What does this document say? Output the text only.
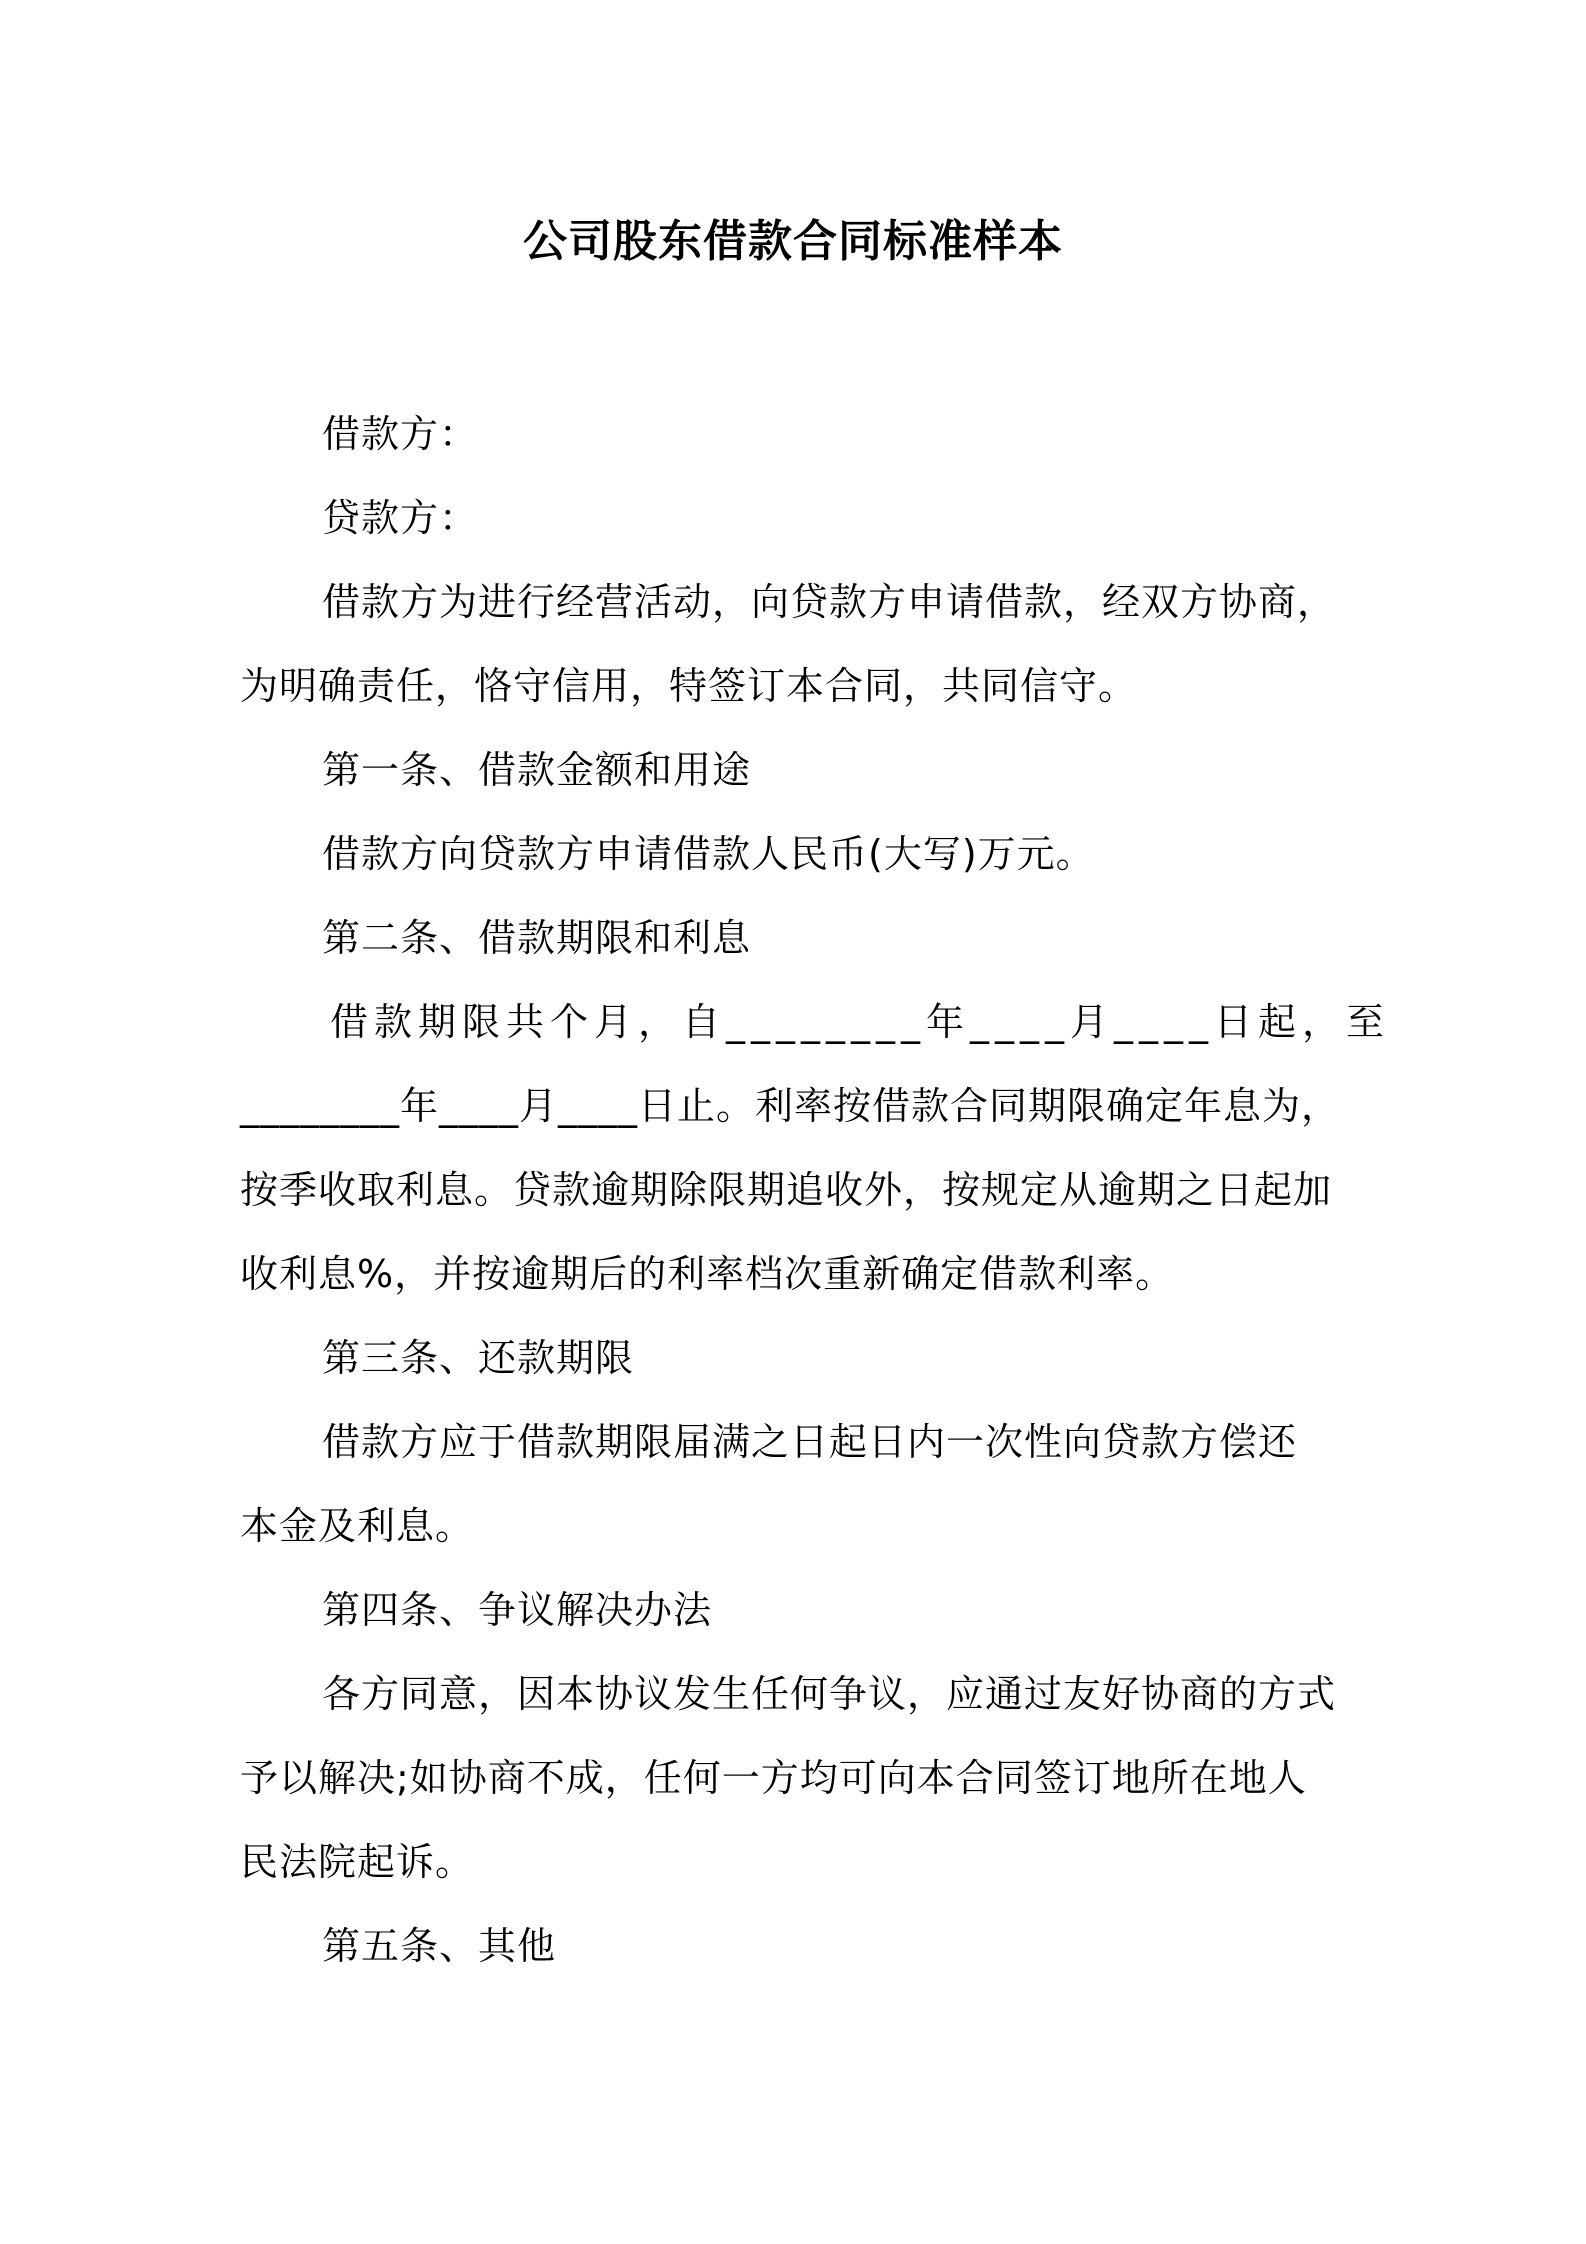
公司股东借款合同标准样本
借款方：
贷款方：
借款方为进行经营活动，向贷款方申请借款，经双方协商，
为明确责任，恪守信用，特签订本合同，共同信守。
第一条、借款金额和用途
借款方向贷款方申请借款人民币(大写)万元。
第二条、借款期限和利息
借款期限共个月，自________年____月____日起，至
________年____月____日止。利率按借款合同期限确定年息为，
按季收取利息。贷款逾期除限期追收外，按规定从逾期之日起加
收利息%，并按逾期后的利率档次重新确定借款利率。
第三条、还款期限
借款方应于借款期限届满之日起日内一次性向贷款方偿还
本金及利息。
第四条、争议解决办法
各方同意，因本协议发生任何争议，应通过友好协商的方式
予以解决;如协商不成，任何一方均可向本合同签订地所在地人
民法院起诉。
第五条、其他
